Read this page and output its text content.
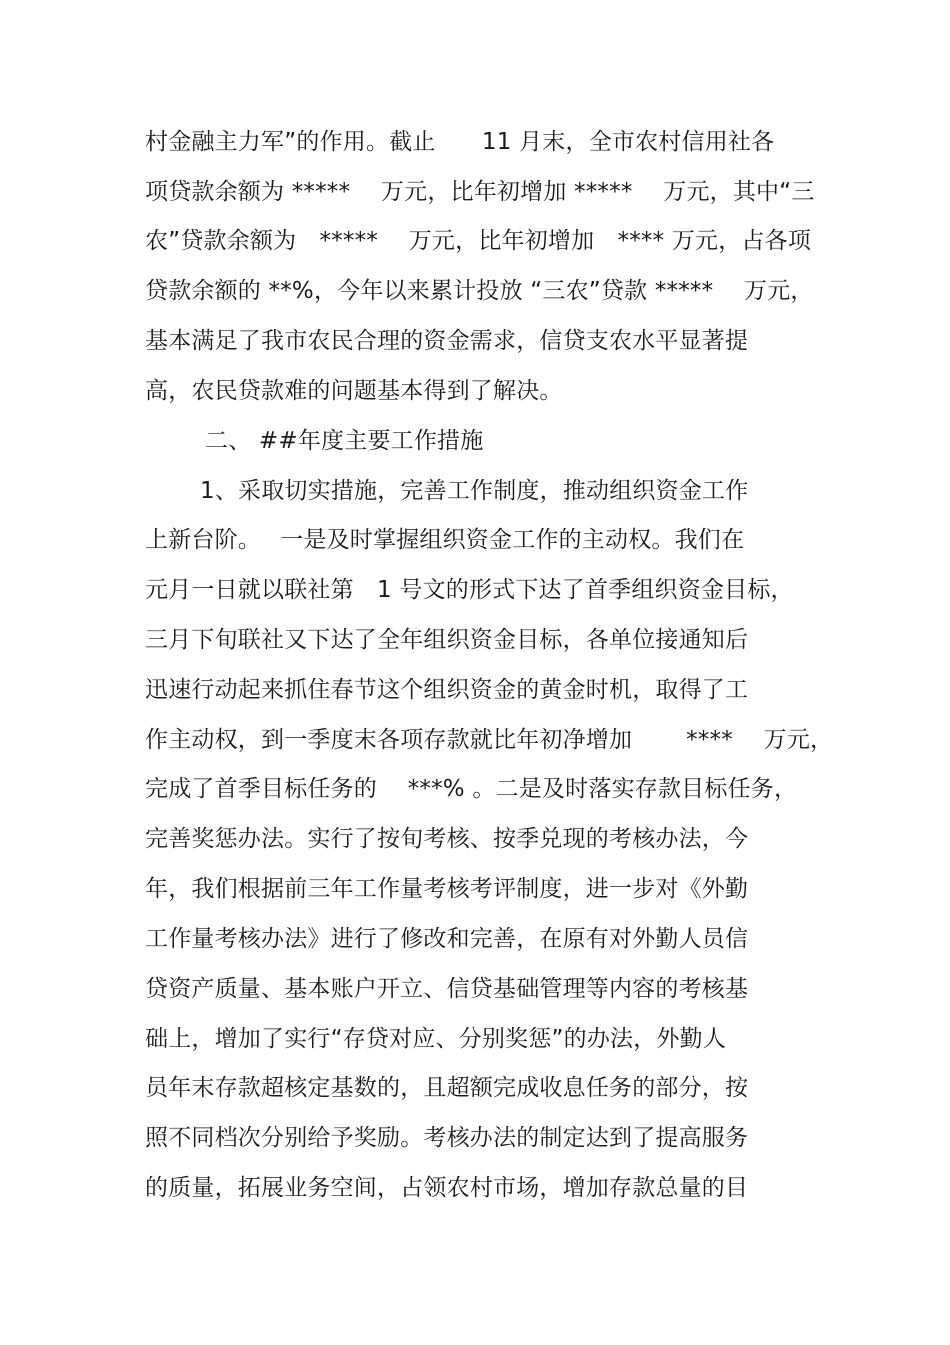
村金融主力军”的作用。截止　　11 月末，全市农村信用社各
项贷款余额为 ***** 　万元，比年初增加 ***** 　万元，其中“三
农”贷款余额为　***** 　万元，比年初增加　**** 万元，占各项
贷款余额的 **%，今年以来累计投放 “三农”贷款 ***** 　万元，
基本满足了我市农民合理的资金需求，信贷支农水平显著提
高，农民贷款难的问题基本得到了解决。
二、 ##年度主要工作措施
1、采取切实措施，完善工作制度，推动组织资金工作
上新台阶。　 一是及时掌握组织资金工作的主动权。我们在
元月一日就以联社第　1 号文的形式下达了首季组织资金目标，
三月下旬联社又下达了全年组织资金目标，各单位接通知后
迅速行动起来抓住春节这个组织资金的黄金时机，取得了工
作主动权，到一季度末各项存款就比年初净增加　　 **** 　万元，
完成了首季目标任务的　 ***% 。二是及时落实存款目标任务，
完善奖惩办法。实行了按旬考核、按季兑现的考核办法，今
年，我们根据前三年工作量考核考评制度，进一步对《外勤
工作量考核办法》进行了修改和完善，在原有对外勤人员信
贷资产质量、基本账户开立、信贷基础管理等内容的考核基
础上，增加了实行“存贷对应、分别奖惩”的办法，外勤人
员年末存款超核定基数的，且超额完成收息任务的部分，按
照不同档次分别给予奖励。考核办法的制定达到了提高服务
的质量，拓展业务空间，占领农村市场，增加存款总量的目
